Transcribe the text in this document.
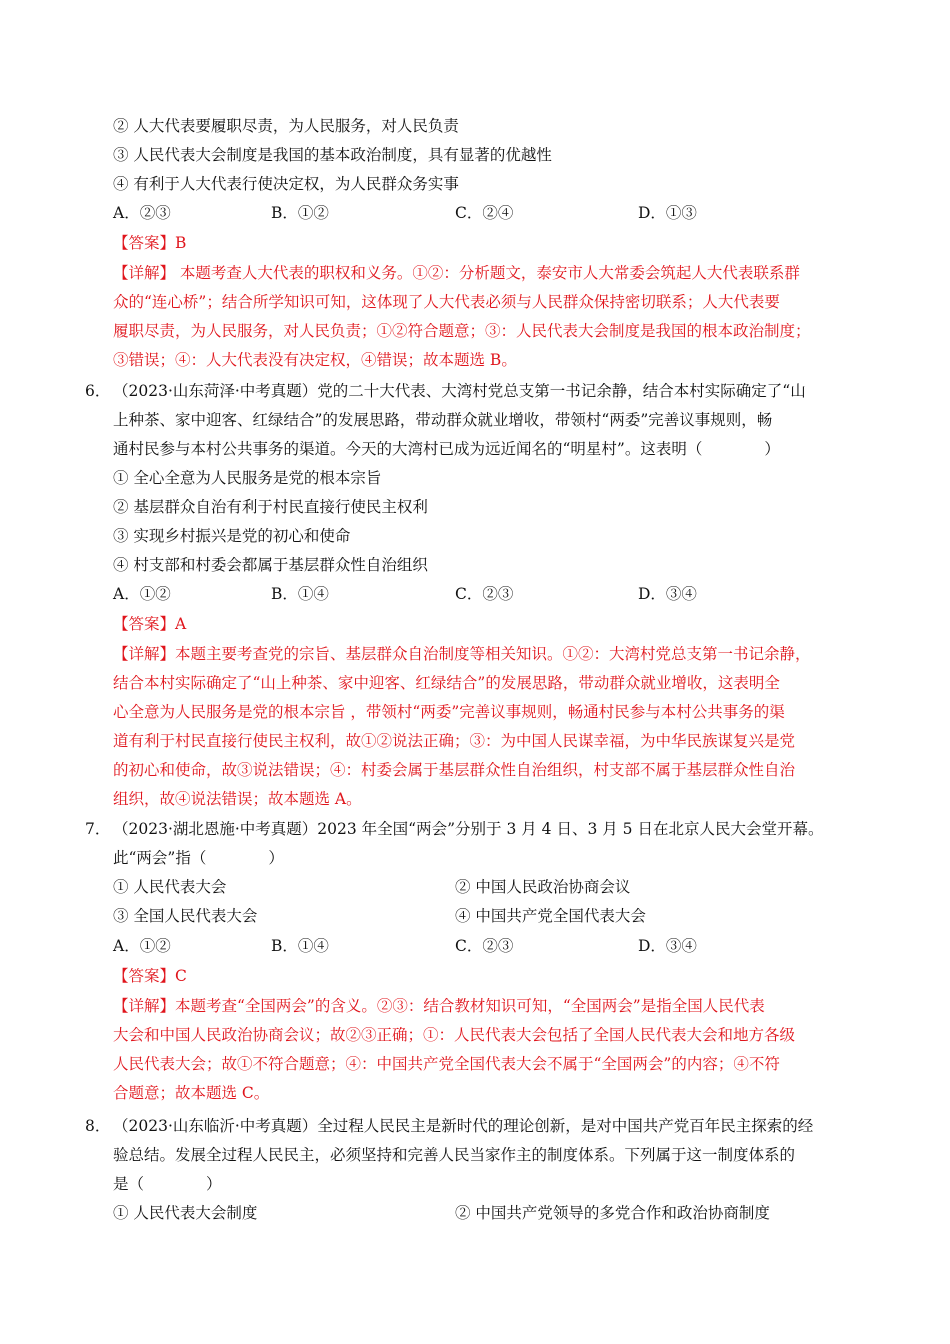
② 人大代表要履职尽责，为人民服务，对人民负责
③ 人民代表大会制度是我国的基本政治制度，具有显著的优越性
④ 有利于人大代表行使决定权，为人民群众务实事
A．②③	B．①②	C．②④	D．①③
【答案】B
【详解】 本题考查人大代表的职权和义务。①②：分析题文，泰安市人大常委会筑起人大代表联系群
众的“连心桥”；结合所学知识可知，这体现了人大代表必须与人民群众保持密切联系；人大代表要
履职尽责，为人民服务，对人民负责；①②符合题意；③：人民代表大会制度是我国的根本政治制度；
③错误；④：人大代表没有决定权，④错误；故本题选 B。
6． （2023·山东菏泽·中考真题）党的二十大代表、大湾村党总支第一书记余静，结合本村实际确定了“山
上种茶、家中迎客、红绿结合”的发展思路，带动群众就业增收，带领村“两委”完善议事规则，畅
通村民参与本村公共事务的渠道。今天的大湾村已成为远近闻名的“明星村”。这表明（　　　　）
① 全心全意为人民服务是党的根本宗旨
② 基层群众自治有利于村民直接行使民主权利
③ 实现乡村振兴是党的初心和使命
④ 村支部和村委会都属于基层群众性自治组织
A．①②	B．①④	C．②③	D．③④
【答案】A
【详解】本题主要考查党的宗旨、基层群众自治制度等相关知识。①②：大湾村党总支第一书记余静，
结合本村实际确定了“山上种茶、家中迎客、红绿结合”的发展思路，带动群众就业增收，这表明全
心全意为人民服务是党的根本宗旨 ，带领村“两委”完善议事规则，畅通村民参与本村公共事务的渠
道有利于村民直接行使民主权利，故①②说法正确；③：为中国人民谋幸福，为中华民族谋复兴是党
的初心和使命，故③说法错误；④：村委会属于基层群众性自治组织，村支部不属于基层群众性自治
组织，故④说法错误；故本题选 A。
7． （2023·湖北恩施·中考真题）2023 年全国“两会”分别于 3 月 4 日、3 月 5 日在北京人民大会堂开幕。
此“两会”指（　　　　）
① 人民代表大会	② 中国人民政治协商会议
③ 全国人民代表大会	④ 中国共产党全国代表大会
A．①②	B．①④	C．②③	D．③④
【答案】C
【详解】本题考查“全国两会”的含义。②③：结合教材知识可知，“全国两会”是指全国人民代表
大会和中国人民政治协商会议；故②③正确；①：人民代表大会包括了全国人民代表大会和地方各级
人民代表大会；故①不符合题意；④：中国共产党全国代表大会不属于“全国两会”的内容；④不符
合题意；故本题选 C。
8． （2023·山东临沂·中考真题）全过程人民民主是新时代的理论创新，是对中国共产党百年民主探索的经
验总结。发展全过程人民民主，必须坚持和完善人民当家作主的制度体系。下列属于这一制度体系的
是（　　　　）
① 人民代表大会制度	② 中国共产党领导的多党合作和政治协商制度
